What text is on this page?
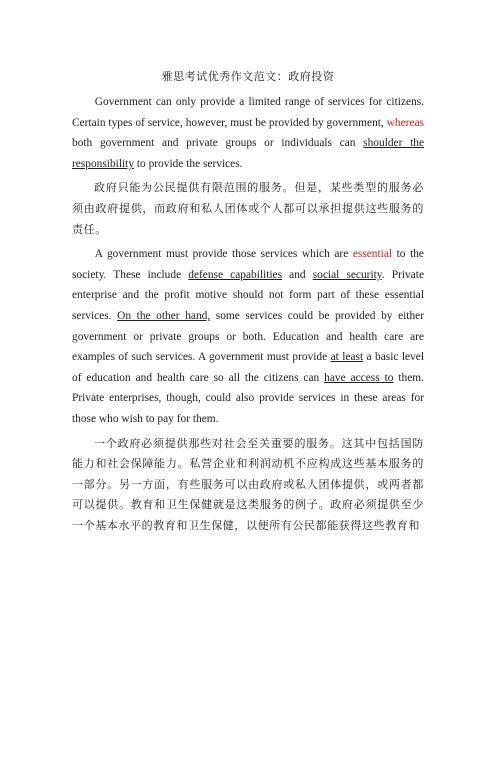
雅思考试优秀作文范文：政府投资

Government can only provide a limited range of services for citizens. Certain types of service, however, must be provided by government, whereas both government and private groups or individuals can shoulder the responsibility to provide the services.

政府只能为公民提供有限范围的服务。但是，某些类型的服务必须由政府提供，而政府和私人团体或个人都可以承担提供这些服务的责任。

A government must provide those services which are essential to the society. These include defense capabilities and social security. Private enterprise and the profit motive should not form part of these essential services. On the other hand, some services could be provided by either government or private groups or both. Education and health care are examples of such services. A government must provide at least a basic level of education and health care so all the citizens can have access to them. Private enterprises, though, could also provide services in these areas for those who wish to pay for them.

一个政府必须提供那些对社会至关重要的服务。这其中包括国防能力和社会保障能力。私营企业和利润动机不应构成这些基本服务的一部分。另一方面，有些服务可以由政府或私人团体提供，或两者都可以提供。教育和卫生保健就是这类服务的例子。政府必须提供至少一个基本水平的教育和卫生保健，以便所有公民都能获得这些教育和
